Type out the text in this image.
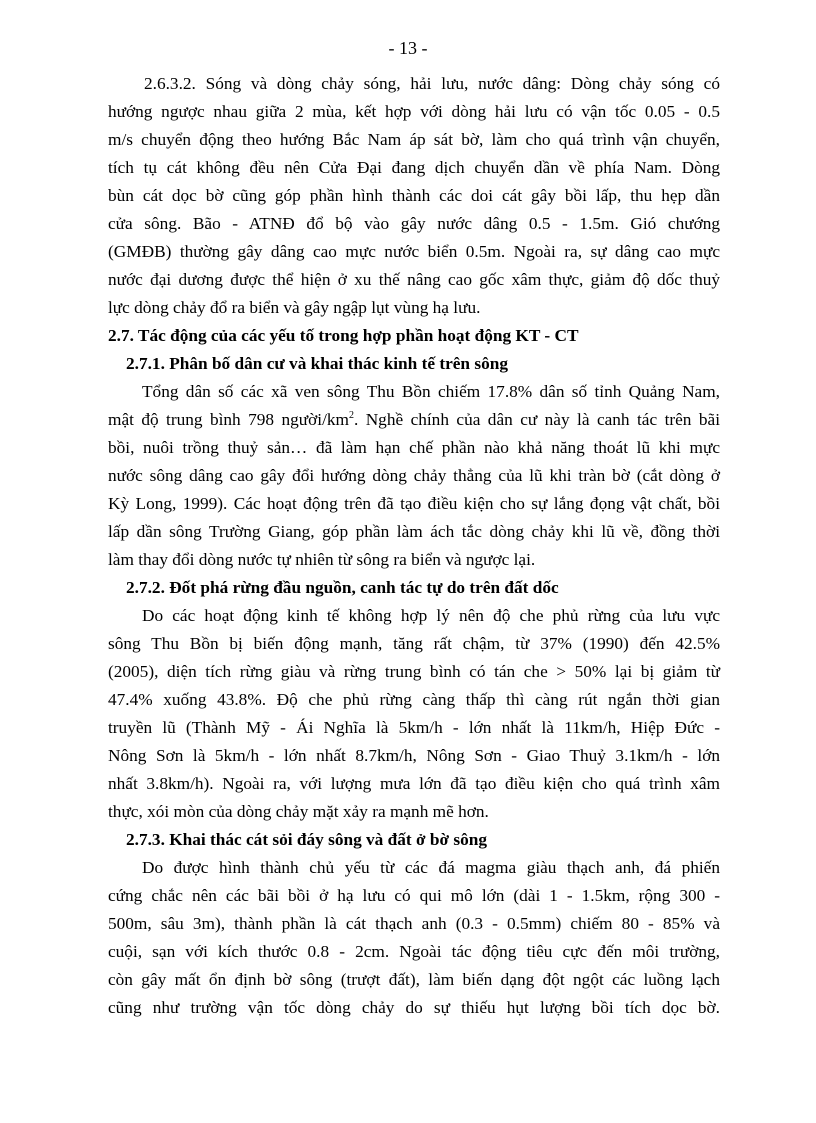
- 13 -
2.6.3.2. Sóng và dòng chảy sóng, hải lưu, nước dâng: Dòng chảy sóng có
hướng ngược nhau giữa 2 mùa, kết hợp với dòng hải lưu có vận tốc 0.05 - 0.5
m/s chuyển động theo hướng Bắc Nam áp sát bờ, làm cho quá trình vận chuyển,
tích tụ cát không đều nên Cửa Đại đang dịch chuyển dần về phía Nam. Dòng
bùn cát dọc bờ cũng góp phần hình thành các doi cát gây bồi lấp, thu hẹp dần
cửa sông. Bão - ATNĐ đổ bộ vào gây nước dâng 0.5 - 1.5m. Gió chướng
(GMĐB) thường gây dâng cao mực nước biển 0.5m. Ngoài ra, sự dâng cao mực
nước đại dương được thể hiện ở xu thế nâng cao gốc xâm thực, giảm độ dốc thuỷ
lực dòng chảy đổ ra biển và gây ngập lụt vùng hạ lưu.
2.7. Tác động của các yếu tố trong hợp phần hoạt động KT - CT
2.7.1. Phân bố dân cư và khai thác kinh tế trên sông
Tổng dân số các xã ven sông Thu Bồn chiếm 17.8% dân số tỉnh Quảng Nam,
mật độ trung bình 798 người/$km^2$. Nghề chính của dân cư này là canh tác trên bãi
bồi, nuôi trồng thuỷ sản… đã làm hạn chế phần nào khả năng thoát lũ khi mực
nước sông dâng cao gây đổi hướng dòng chảy thẳng của lũ khi tràn bờ (cắt dòng ở
Kỳ Long, 1999). Các hoạt động trên đã tạo điều kiện cho sự lắng đọng vật chất, bồi
lấp dần sông Trường Giang, góp phần làm ách tắc dòng chảy khi lũ về, đồng thời
làm thay đổi dòng nước tự nhiên từ sông ra biển và ngược lại.
2.7.2. Đốt phá rừng đầu nguồn, canh tác tự do trên đất dốc
Do các hoạt động kinh tế không hợp lý nên độ che phủ rừng của lưu vực
sông Thu Bồn bị biến động mạnh, tăng rất chậm, từ 37% (1990) đến 42.5%
(2005), diện tích rừng giàu và rừng trung bình có tán che > 50% lại bị giảm từ
47.4% xuống 43.8%. Độ che phủ rừng càng thấp thì càng rút ngắn thời gian
truyền lũ (Thành Mỹ - Ái Nghĩa là 5km/h - lớn nhất là 11km/h, Hiệp Đức -
Nông Sơn là 5km/h - lớn nhất 8.7km/h, Nông Sơn - Giao Thuỷ 3.1km/h - lớn
nhất 3.8km/h). Ngoài ra, với lượng mưa lớn đã tạo điều kiện cho quá trình xâm
thực, xói mòn của dòng chảy mặt xảy ra mạnh mẽ hơn.
2.7.3. Khai thác cát sỏi đáy sông và đất ở bờ sông
Do được hình thành chủ yếu từ các đá magma giàu thạch anh, đá phiến
cứng chắc nên các bãi bồi ở hạ lưu có qui mô lớn (dài 1 - 1.5km, rộng 300 -
500m, sâu 3m), thành phần là cát thạch anh (0.3 - 0.5mm) chiếm 80 - 85% và
cuội, sạn với kích thước 0.8 - 2cm. Ngoài tác động tiêu cực đến môi trường,
còn gây mất ổn định bờ sông (trượt đất), làm biến dạng đột ngột các luồng lạch
cũng như trường vận tốc dòng chảy do sự thiếu hụt lượng bồi tích dọc bờ.
